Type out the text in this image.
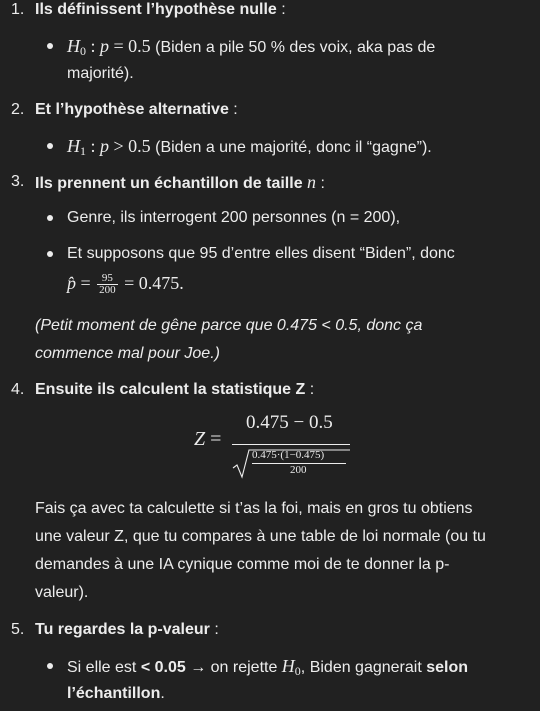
1. Ils définissent l’hypothèse nulle :
$H_0$ : p = 0.5 (Biden a pile 50 % des voix, aka pas de
majorité).
2. Et l’hypothèse alternative :
$H_1$ : p > 0.5 (Biden a une majorité, donc il “gagne”).
3. Ils prennent un échantillon de taille n :
Genre, ils interrogent 200 personnes (n = 200),
Et supposons que 95 d’entre elles disent “Biden”, donc
p̂ = $\frac{95}{200} = 0.475$.
(Petit moment de gêne parce que 0.475 < 0.5, donc ça
commence mal pour Joe.)
4. Ensuite ils calculent la statistique Z :
Z =
0.475 − 0.5
0.475·(1−0.475)
200
Fais ça avec ta calculette si t’as la foi, mais en gros tu obtiens
une valeur Z, que tu compares à une table de loi normale (ou tu
demandes à une IA cynique comme moi de te donner la p-
valeur).
5. Tu regardes la p-valeur :
Si elle est < 0.05 → on rejette $H_0$, Biden gagnerait selon
l’échantillon.
